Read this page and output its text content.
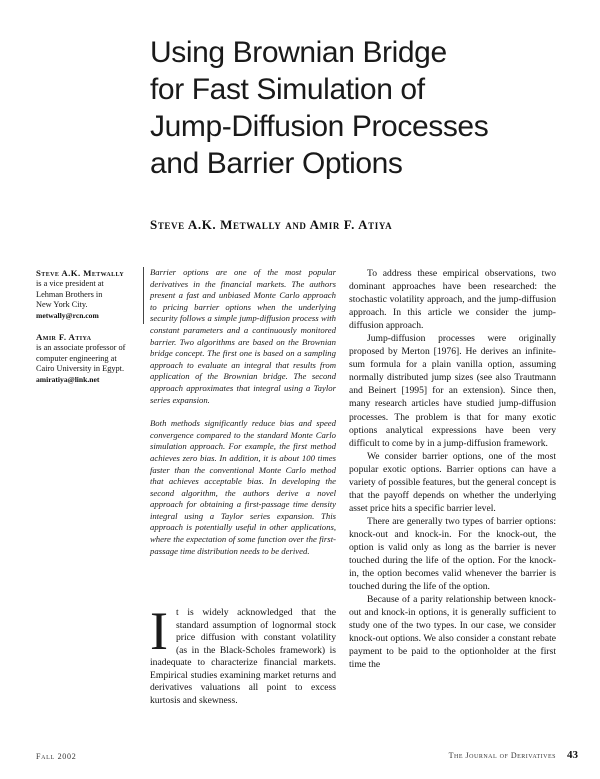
Using Brownian Bridge
for Fast Simulation of
Jump-Diffusion Processes
and Barrier Options
Steve A.K. Metwally and Amir F. Atiya
Steve A.K. Metwally
is a vice president at
Lehman Brothers in
New York City.
metwally@rcn.com
Amir F. Atiya
is an associate professor of
computer engineering at
Cairo University in Egypt.
amiratiya@link.net

Barrier options are one of the most popular derivatives in the financial markets. The authors present a fast and unbiased Monte Carlo approach to pricing barrier options when the underlying security follows a simple jump-diffusion process with constant parameters and a continuously monitored barrier. Two algorithms are based on the Brownian bridge concept. The first one is based on a sampling approach to evaluate an integral that results from application of the Brownian bridge. The second approach approximates that integral using a Taylor series expansion.

Both methods significantly reduce bias and speed convergence compared to the standard Monte Carlo simulation approach. For example, the first method achieves zero bias. In addition, it is about 100 times faster than the conventional Monte Carlo method that achieves acceptable bias. In developing the second algorithm, the authors derive a novel approach for obtaining a first-passage time density integral using a Taylor series expansion. This approach is potentially useful in other applications, where the expectation of some function over the first-passage time distribution needs to be derived.

I t is widely acknowledged that the standard assumption of lognormal stock price diffusion with constant volatility (as in the Black-Scholes framework) is inadequate to characterize financial markets. Empirical studies examining market returns and derivatives valuations all point to excess kurtosis and skewness.

To address these empirical observations, two dominant approaches have been researched: the stochastic volatility approach, and the jump-diffusion approach. In this article we consider the jump-diffusion approach.

Jump-diffusion processes were originally proposed by Merton [1976]. He derives an infinite-sum formula for a plain vanilla option, assuming normally distributed jump sizes (see also Trautmann and Beinert [1995] for an extension). Since then, many research articles have studied jump-diffusion processes. The problem is that for many exotic options analytical expressions have been very difficult to come by in a jump-diffusion framework.

We consider barrier options, one of the most popular exotic options. Barrier options can have a variety of possible features, but the general concept is that the payoff depends on whether the underlying asset price hits a specific barrier level.

There are generally two types of barrier options: knock-out and knock-in. For the knock-out, the option is valid only as long as the barrier is never touched during the life of the option. For the knock-in, the option becomes valid whenever the barrier is touched during the life of the option.

Because of a parity relationship between knock-out and knock-in options, it is generally sufficient to study one of the two types. In our case, we consider knock-out options. We also consider a constant rebate payment to be paid to the optionholder at the first time the

Fall 2002	The Journal of Derivatives 43
